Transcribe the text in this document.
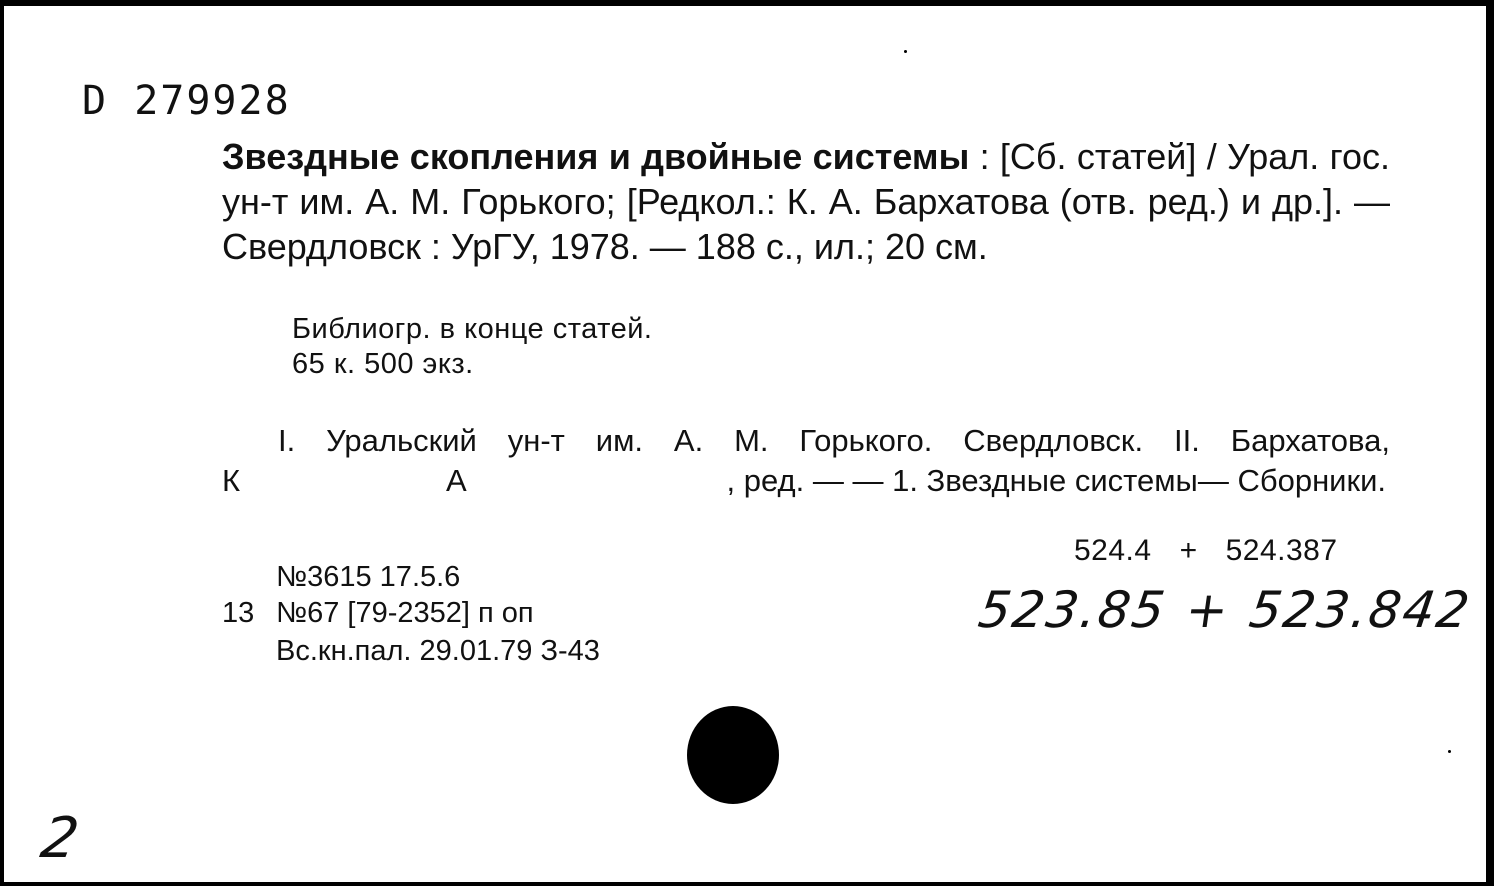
D 279928
Звездные скопления и двойные системы : [Сб. статей] / Урал. гос. ун-т им. А. М. Горького; [Редкол.: К. А. Бархатова (отв. ред.) и др.]. — Свердловск : УрГУ, 1978. — 188 с., ил.; 20 см.
Библиогр. в конце статей.
65 к. 500 экз.
I. Уральский ун-т им. А. М. Горького. Свердловск. II. Бархатова,
К	А	, ред. — — 1. Звездные системы— Сборники.
524.4 + 524.387
523.85 + 523.842
№3615 17.5.6
13 №67 [79-2352] п оп
Вс.кн.пал. 29.01.79 З-43
2
